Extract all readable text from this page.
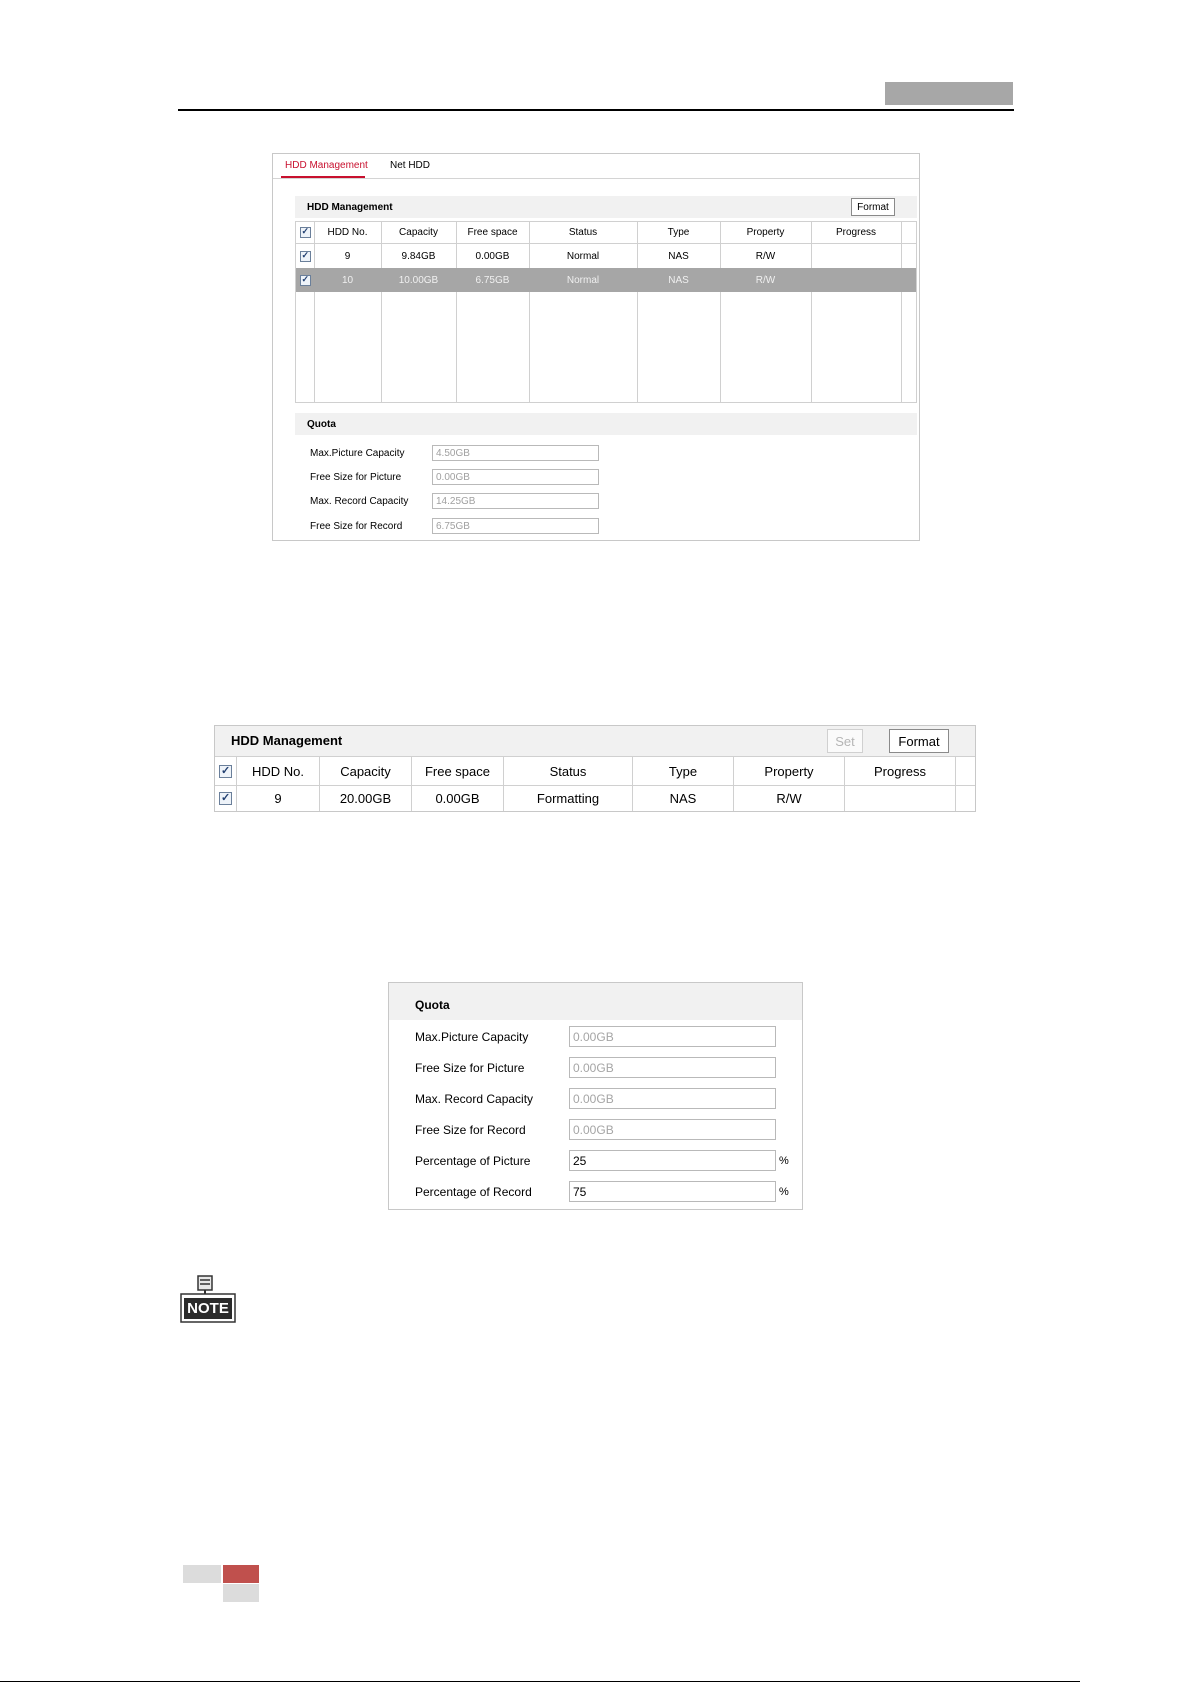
HDD Management Net HDD
HDD Management	Format
✓
HDD No.	Capacity	Free space	Status	Type	Property	Progress
✓
9	9.84GB	0.00GB	Normal	NAS	R/W
✓
10	10.00GB	6.75GB	Normal	NAS	R/W
Quota
Max.Picture Capacity	4.50GB
Free Size for Picture	0.00GB
Max. Record Capacity	14.25GB
Free Size for Record	6.75GB
HDD Management	Set	Format
✓
HDD No.	Capacity	Free space	Status	Type	Property	Progress
✓
9	20.00GB	0.00GB	Formatting	NAS	R/W
Quota
Max.Picture Capacity	0.00GB
Free Size for Picture	0.00GB
Max. Record Capacity	0.00GB
Free Size for Record	0.00GB
Percentage of Picture	25	%
Percentage of Record	75	%
NOTE
